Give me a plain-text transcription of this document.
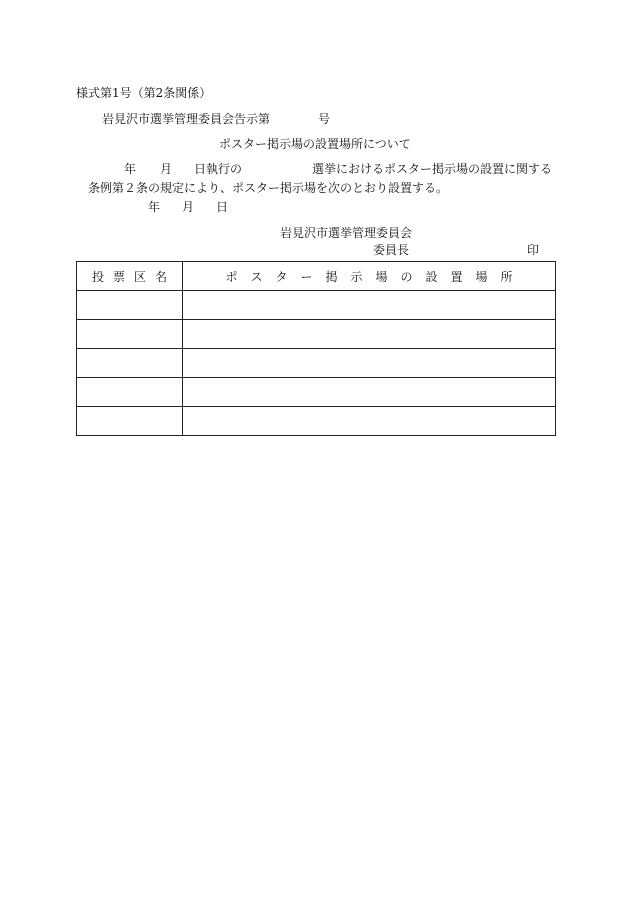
様式第1号（第2条関係）
岩見沢市選挙管理委員会告示第	号
ポスター掲示場の設置場所について
年 月 日執行の	選挙におけるポスター掲示場の設置に関する
条例第２条の規定により、ポスター掲示場を次のとおり設置する。
年 月 日
岩見沢市選挙管理委員会
委員長	印
投票区名	ポスター掲示場の設置場所
